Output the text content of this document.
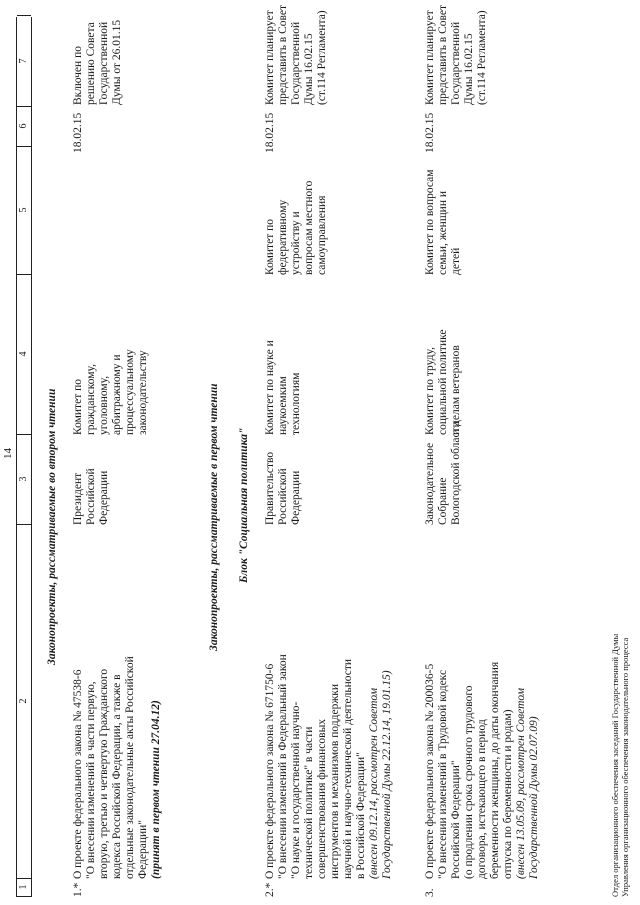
14
1
2
3
4
5
6
7
Законопроекты, рассматриваемые во втором чтении
1.*
О проекте федерального закона № 47538-6 "О внесении изменений в части первую, вторую, третью и четвертую Гражданского кодекса Российской Федерации, а также в отдельные законодательные акты Российской Федерации" (принят в первом чтении 27.04.12)
Президент Российской Федерации
Комитет по гражданскому, уголовному, арбитражному и процессуальному законодательству
18.02.15
Включен по решению Совета Государственной Думы от 26.01.15
Законопроекты, рассматриваемые в первом чтении Блок "Социальная политика"
2.*
О проекте федерального закона № 671750-6 "О внесении изменений в Федеральный закон "О науке и государственной научно- технической политике" в части совершенствования финансовых инструментов и механизмов поддержки научной и научно-технической деятельности в Российской Федерации" (внесен 09.12.14, рассмотрен Советом Государственной Думы 22.12.14, 19.01.15)
Правительство Российской Федерации
Комитет по науке и наукоемким технологиям
Комитет по федеративному устройству и вопросам местного самоуправления
18.02.15
Комитет планирует представить в Совет Государственной Думы 16.02.15 (ст.114 Регламента)
3.
О проекте федерального закона № 200036-5 "О внесении изменений в Трудовой кодекс Российской Федерации" (о продлении срока срочного трудового договора, истекающего в период беременности женщины, до даты окончания отпуска по беременности и родам) (внесен 13.05.09, рассмотрен Советом Государственной Думы 02.07.09)
Законодательное Собрание Вологодской области
Комитет по труду, социальной политике и делам ветеранов
Комитет по вопросам семьи, женщин и детей
18.02.15
Комитет планирует представить в Совет Государственной Думы 16.02.15 (ст.114 Регламента)
Отдел организационного обеспечения заседаний Государственной Думы Управления организационного обеспечения законодательного процесса
